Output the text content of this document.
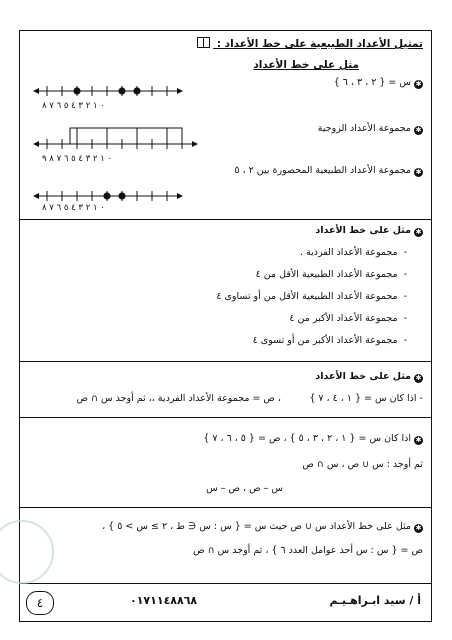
تمثيل الأعداد الطبيعية على خط الأعداد :
مثل على خط الأعداد
✱س = { ٢ ، ٣ ، ٦ }
٠ ١ ٢ ٣ ٤ ٥ ٦ ٧ ٨
✱مجموعة الأعداد الزوجية
٠ ١ ٢ ٣ ٤ ٥ ٦ ٧ ٨ ٩
✱مجموعة الأعداد الطبيعية المحصورة بين ٢ ، ٥
٠ ١ ٢ ٣ ٤ ٥ ٦ ٧ ٨
✱مثل على خط الأعداد
-مجموعة الأعداد الفردية .
-مجموعة الأعداد الطبيعية الأقل من ٤
-مجموعة الأعداد الطبيعية الأقل من أو تساوى ٤
-مجموعة الأعداد الأكبر من ٤
-مجموعة الأعداد الأكبر من أو تسوى ٤
✱مثل على خط الأعداد
- اذا كان س = { ١ ، ٤ ، ٧ }
، ص = مجموعة الأعداد الفردية ،، ثم أوجد س ∩ ص
✱اذا كان س = { ١ ، ٢ ، ٣ ، ٥ } ، ص = { ٥ ، ٦ ، ٧ }
ثم أوجد : س ∪ ص ، س ∩ ص
س – ص ، ص – س
✱مثل على خط الأعداد س ∪ ص حيث س = { س : س ∈ ط ، ٢ ≥ س > ٥ } ،
ص = { س : س أحد عوامل العدد ٦ } ، ثم أوجد س ∩ ص
أ / سيد ابـراهـيـم
٠١٧١١٤٨٨٦٨
٤
